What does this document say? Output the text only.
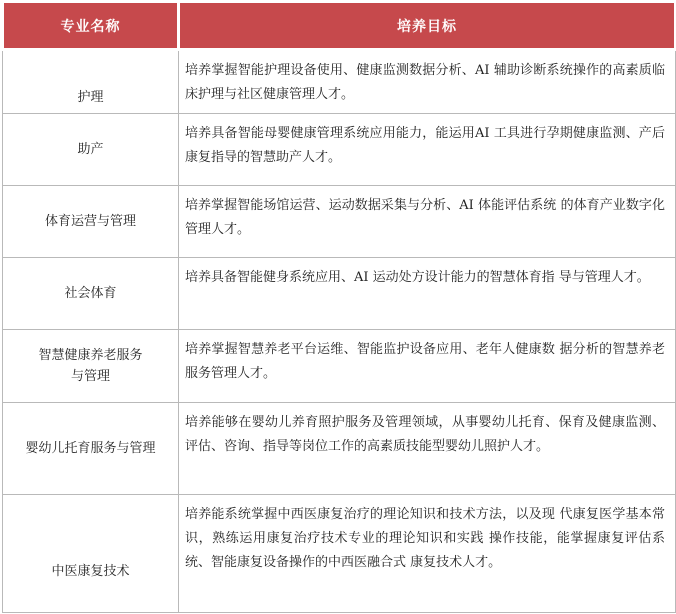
专业名称	培养目标

护理	培养掌握智能护理设备使用、健康监测数据分析、AI 辅助诊断系统操作的高素质临床护理与社区健康管理人才。

助产	培养具备智能母婴健康管理系统应用能力，能运用AI 工具进行孕期健康监测、产后康复指导的智慧助产人才。

体育运营与管理	培养掌握智能场馆运营、运动数据采集与分析、AI 体能评估系统 的体育产业数字化管理人才。

社会体育	培养具备智能健身系统应用、AI 运动处方设计能力的智慧体育指 导与管理人才。

智慧健康养老服务
与管理	培养掌握智慧养老平台运维、智能监护设备应用、老年人健康数 据分析的智慧养老服务管理人才。

婴幼儿托育服务与管理	培养能够在婴幼儿养育照护服务及管理领域，从事婴幼儿托育、保育及健康监测、评估、咨询、指导等岗位工作的高素质技能型婴幼儿照护人才。

中医康复技术	培养能系统掌握中西医康复治疗的理论知识和技术方法，以及现 代康复医学基本常识，熟练运用康复治疗技术专业的理论知识和实践 操作技能，能掌握康复评估系统、智能康复设备操作的中西医融合式 康复技术人才。
